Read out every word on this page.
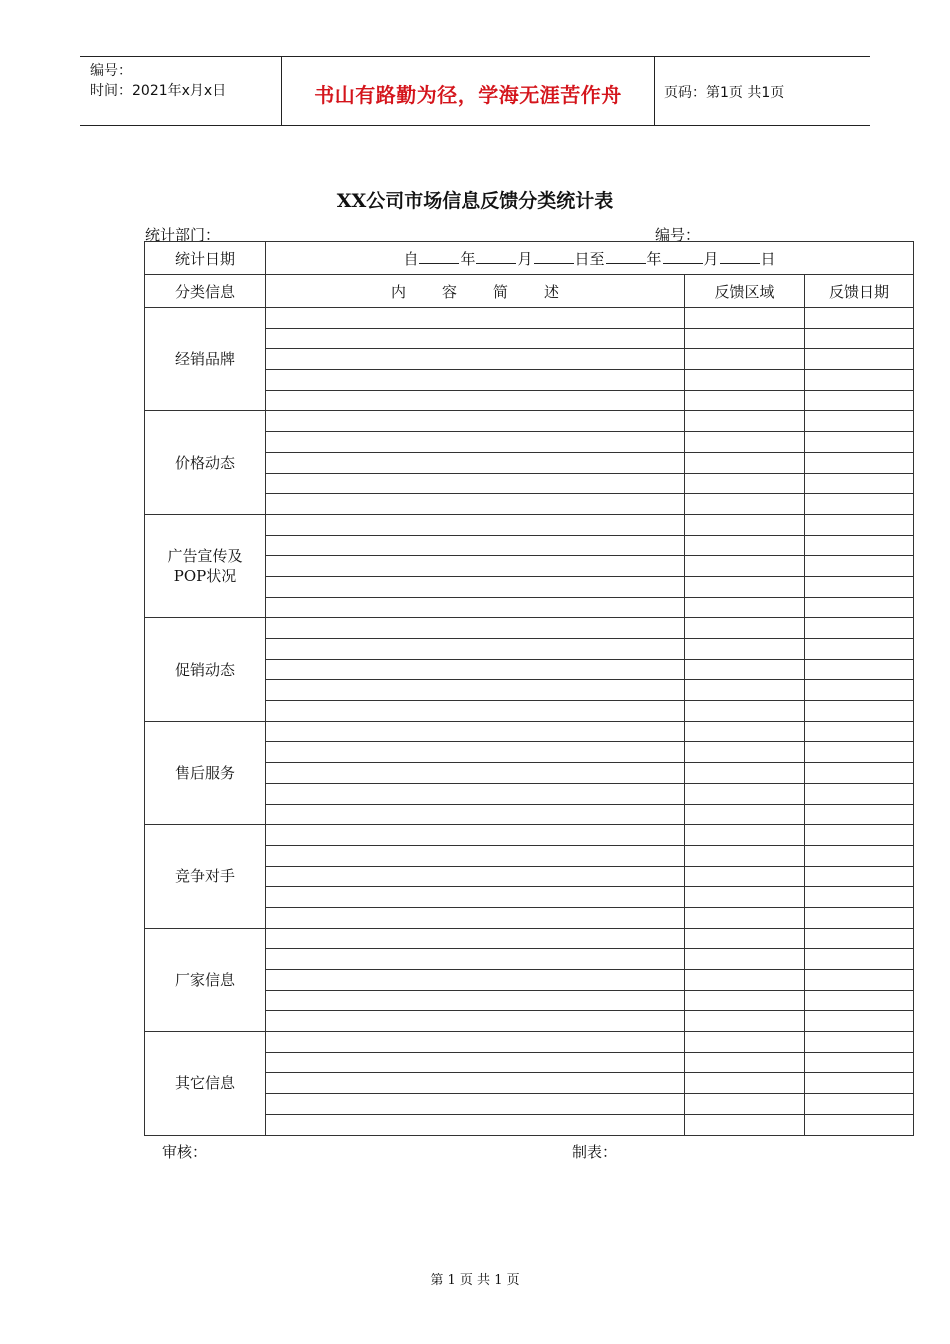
编号：
时间：2021年x月x日	书山有路勤为径，学海无涯苦作舟	页码：第1页 共1页
XX公司市场信息反馈分类统计表
统计部门：	编号：
统计日期	自 年 月 日至 年 月 日		
分类信息	内 容 简 述	反馈区域	反馈日期
经销品牌			

价格动态			

广告宣传及
POP状况			

促销动态			

售后服务			

竞争对手			

厂家信息			

其它信息			

审核：	制表：
第 1 页 共 1 页
